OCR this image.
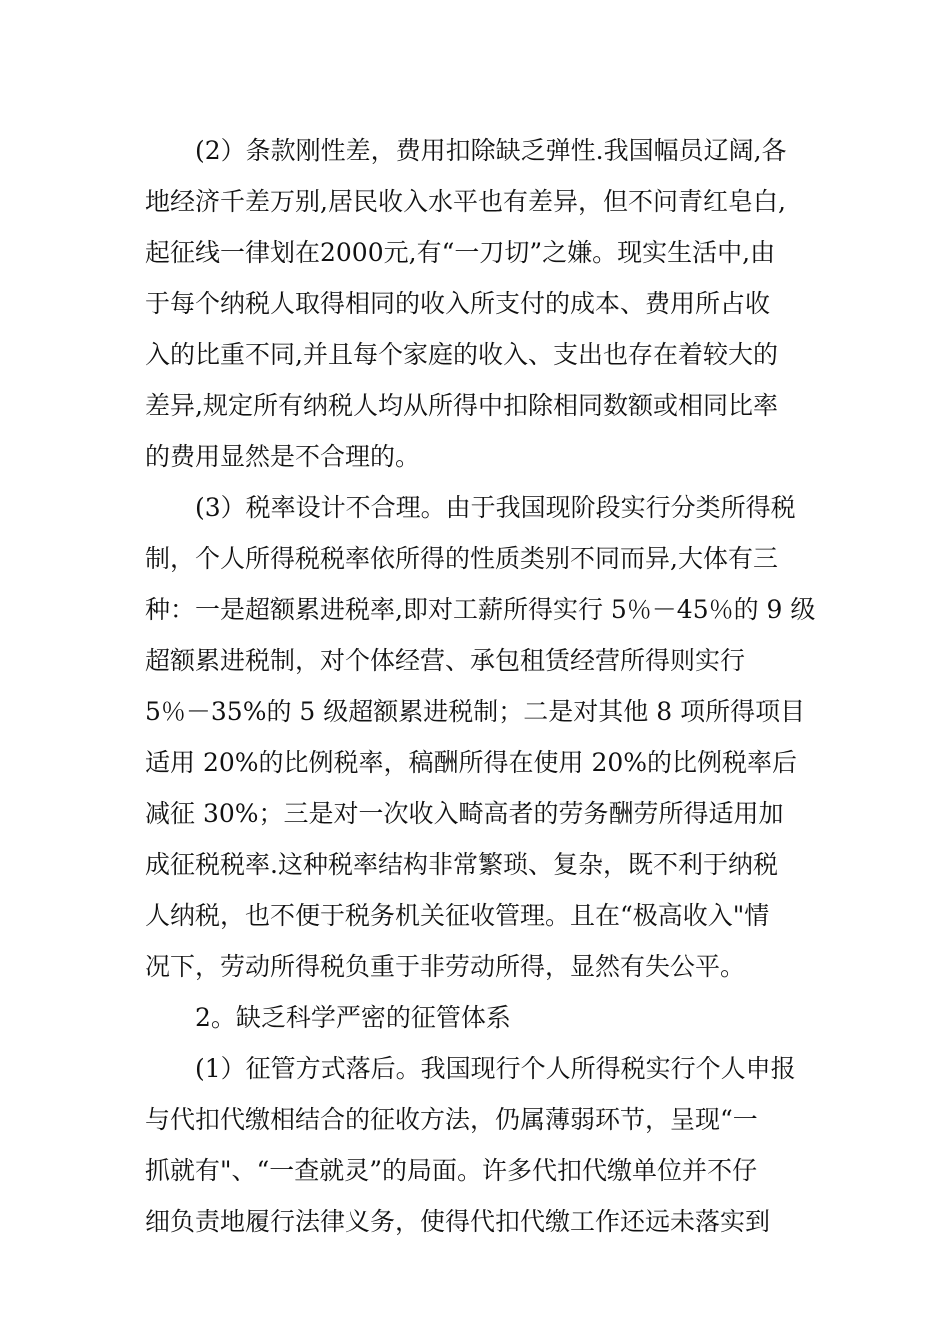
(2）条款刚性差，费用扣除缺乏弹性.我国幅员辽阔,各
地经济千差万别,居民收入水平也有差异，但不问青红皂白,
起征线一律划在2000元,有“一刀切”之嫌。现实生活中,由
于每个纳税人取得相同的收入所支付的成本、费用所占收
入的比重不同,并且每个家庭的收入、支出也存在着较大的
差异,规定所有纳税人均从所得中扣除相同数额或相同比率
的费用显然是不合理的。
(3）税率设计不合理。由于我国现阶段实行分类所得税
制，个人所得税税率依所得的性质类别不同而异,大体有三
种：一是超额累进税率,即对工薪所得实行 5％－45％的 9 级
超额累进税制，对个体经营、承包租赁经营所得则实行
5％－35%的 5 级超额累进税制；二是对其他 8 项所得项目
适用 20%的比例税率，稿酬所得在使用 20%的比例税率后
减征 30%；三是对一次收入畸高者的劳务酬劳所得适用加
成征税税率.这种税率结构非常繁琐、复杂，既不利于纳税
人纳税，也不便于税务机关征收管理。且在“极高收入"情
况下，劳动所得税负重于非劳动所得，显然有失公平。
2。缺乏科学严密的征管体系
(1）征管方式落后。我国现行个人所得税实行个人申报
与代扣代缴相结合的征收方法，仍属薄弱环节，呈现“一
抓就有"、“一查就灵”的局面。许多代扣代缴单位并不仔
细负责地履行法律义务，使得代扣代缴工作还远未落实到
